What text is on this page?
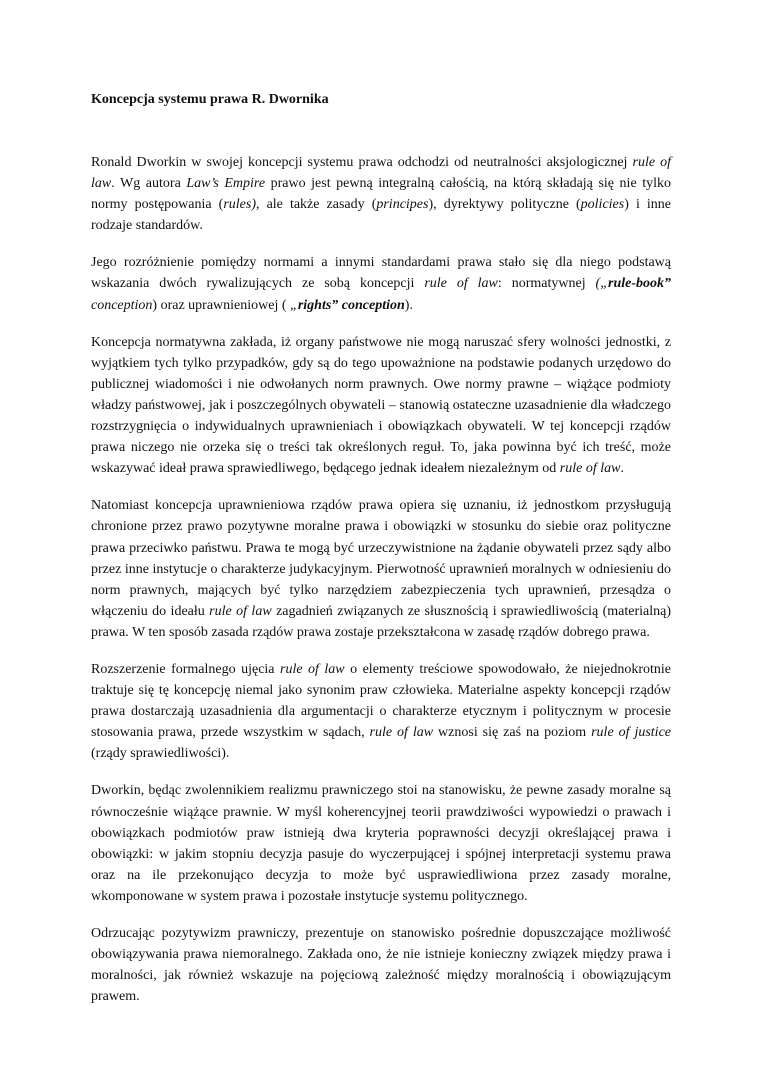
Koncepcja systemu prawa R. Dwornika

Ronald Dworkin w swojej koncepcji systemu prawa odchodzi od neutralności aksjologicznej rule of law. Wg autora Law’s Empire prawo jest pewną integralną całością, na którą składają się nie tylko normy postępowania (rules), ale także zasady (principes), dyrektywy polityczne (policies) i inne rodzaje standardów.

Jego rozróżnienie pomiędzy normami a innymi standardami prawa stało się dla niego podstawą wskazania dwóch rywalizujących ze sobą koncepcji rule of law: normatywnej („rule-book” conception) oraz uprawnieniowej ( „rights” conception).

Koncepcja normatywna zakłada, iż organy państwowe nie mogą naruszać sfery wolności jednostki, z wyjątkiem tych tylko przypadków, gdy są do tego upoważnione na podstawie podanych urzędowo do publicznej wiadomości i nie odwołanych norm prawnych. Owe normy prawne – wiążące podmioty władzy państwowej, jak i poszczególnych obywateli – stanowią ostateczne uzasadnienie dla władczego rozstrzygnięcia o indywidualnych uprawnieniach i obowiązkach obywateli. W tej koncepcji rządów prawa niczego nie orzeka się o treści tak określonych reguł. To, jaka powinna być ich treść, może wskazywać ideał prawa sprawiedliwego, będącego jednak ideałem niezależnym od rule of law.

Natomiast koncepcja uprawnieniowa rządów prawa opiera się uznaniu, iż jednostkom przysługują chronione przez prawo pozytywne moralne prawa i obowiązki w stosunku do siebie oraz polityczne prawa przeciwko państwu. Prawa te mogą być urzeczywistnione na żądanie obywateli przez sądy albo przez inne instytucje o charakterze judykacyjnym. Pierwotność uprawnień moralnych w odniesieniu do norm prawnych, mających być tylko narzędziem zabezpieczenia tych uprawnień, przesądza o włączeniu do ideału rule of law zagadnień związanych ze słusznością i sprawiedliwością (materialną) prawa. W ten sposób zasada rządów prawa zostaje przekształcona w zasadę rządów dobrego prawa.

Rozszerzenie formalnego ujęcia rule of law o elementy treściowe spowodowało, że niejednokrotnie traktuje się tę koncepcję niemal jako synonim praw człowieka. Materialne aspekty koncepcji rządów prawa dostarczają uzasadnienia dla argumentacji o charakterze etycznym i politycznym w procesie stosowania prawa, przede wszystkim w sądach, rule of law wznosi się zaś na poziom rule of justice (rządy sprawiedliwości).

Dworkin, będąc zwolennikiem realizmu prawniczego stoi na stanowisku, że pewne zasady moralne są równocześnie wiążące prawnie. W myśl koherencyjnej teorii prawdziwości wypowiedzi o prawach i obowiązkach podmiotów praw istnieją dwa kryteria poprawności decyzji określającej prawa i obowiązki: w jakim stopniu decyzja pasuje do wyczerpującej i spójnej interpretacji systemu prawa oraz na ile przekonująco decyzja to może być usprawiedliwiona przez zasady moralne, wkomponowane w system prawa i pozostałe instytucje systemu politycznego.

Odrzucając pozytywizm prawniczy, prezentuje on stanowisko pośrednie dopuszczające możliwość obowiązywania prawa niemoralnego. Zakłada ono, że nie istnieje konieczny związek między prawa i moralności, jak również wskazuje na pojęciową zależność między moralnością i obowiązującym prawem.
